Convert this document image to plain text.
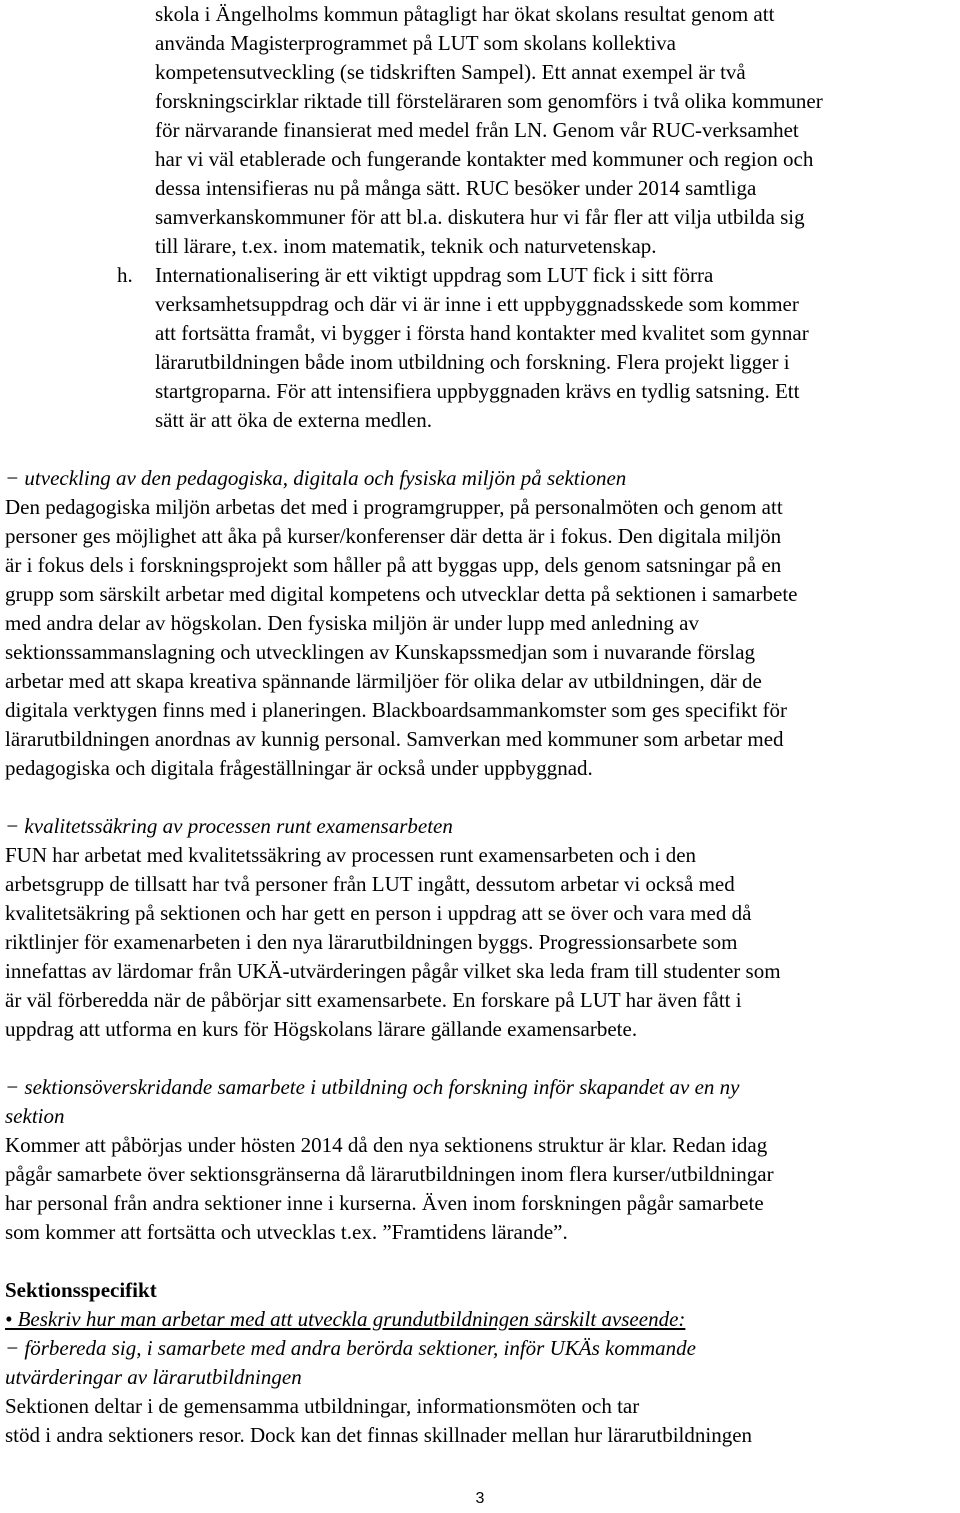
skola i Ängelholms kommun påtagligt har ökat skolans resultat genom att
använda Magisterprogrammet på LUT som skolans kollektiva
kompetensutveckling (se tidskriften Sampel). Ett annat exempel är två
forskningscirklar riktade till försteläraren som genomförs i två olika kommuner
för närvarande finansierat med medel från LN. Genom vår RUC-verksamhet
har vi väl etablerade och fungerande kontakter med kommuner och region och
dessa intensifieras nu på många sätt. RUC besöker under 2014 samtliga
samverkanskommuner för att bl.a. diskutera hur vi får fler att vilja utbilda sig
till lärare, t.ex. inom matematik, teknik och naturvetenskap.
h. Internationalisering är ett viktigt uppdrag som LUT fick i sitt förra
verksamhetsuppdrag och där vi är inne i ett uppbyggnadsskede som kommer
att fortsätta framåt, vi bygger i första hand kontakter med kvalitet som gynnar
lärarutbildningen både inom utbildning och forskning. Flera projekt ligger i
startgroparna. För att intensifiera uppbyggnaden krävs en tydlig satsning. Ett
sätt är att öka de externa medlen.
− utveckling av den pedagogiska, digitala och fysiska miljön på sektionen
Den pedagogiska miljön arbetas det med i programgrupper, på personalmöten och genom att
personer ges möjlighet att åka på kurser/konferenser där detta är i fokus. Den digitala miljön
är i fokus dels i forskningsprojekt som håller på att byggas upp, dels genom satsningar på en
grupp som särskilt arbetar med digital kompetens och utvecklar detta på sektionen i samarbete
med andra delar av högskolan. Den fysiska miljön är under lupp med anledning av
sektionssammanslagning och utvecklingen av Kunskapssmedjan som i nuvarande förslag
arbetar med att skapa kreativa spännande lärmiljöer för olika delar av utbildningen, där de
digitala verktygen finns med i planeringen. Blackboardsammankomster som ges specifikt för
lärarutbildningen anordnas av kunnig personal. Samverkan med kommuner som arbetar med
pedagogiska och digitala frågeställningar är också under uppbyggnad.
− kvalitetssäkring av processen runt examensarbeten
FUN har arbetat med kvalitetssäkring av processen runt examensarbeten och i den
arbetsgrupp de tillsatt har två personer från LUT ingått, dessutom arbetar vi också med
kvalitetsäkring på sektionen och har gett en person i uppdrag att se över och vara med då
riktlinjer för examenarbeten i den nya lärarutbildningen byggs. Progressionsarbete som
innefattas av lärdomar från UKÄ-utvärderingen pågår vilket ska leda fram till studenter som
är väl förberedda när de påbörjar sitt examensarbete. En forskare på LUT har även fått i
uppdrag att utforma en kurs för Högskolans lärare gällande examensarbete.
− sektionsöverskridande samarbete i utbildning och forskning inför skapandet av en ny
sektion
Kommer att påbörjas under hösten 2014 då den nya sektionens struktur är klar. Redan idag
pågår samarbete över sektionsgränserna då lärarutbildningen inom flera kurser/utbildningar
har personal från andra sektioner inne i kurserna. Även inom forskningen pågår samarbete
som kommer att fortsätta och utvecklas t.ex. ”Framtidens lärande”.
Sektionsspecifikt
• Beskriv hur man arbetar med att utveckla grundutbildningen särskilt avseende:
− förbereda sig, i samarbete med andra berörda sektioner, inför UKÄs kommande
utvärderingar av lärarutbildningen
Sektionen deltar i de gemensamma utbildningar, informationsmöten och tar
stöd i andra sektioners resor. Dock kan det finnas skillnader mellan hur lärarutbildningen
3
